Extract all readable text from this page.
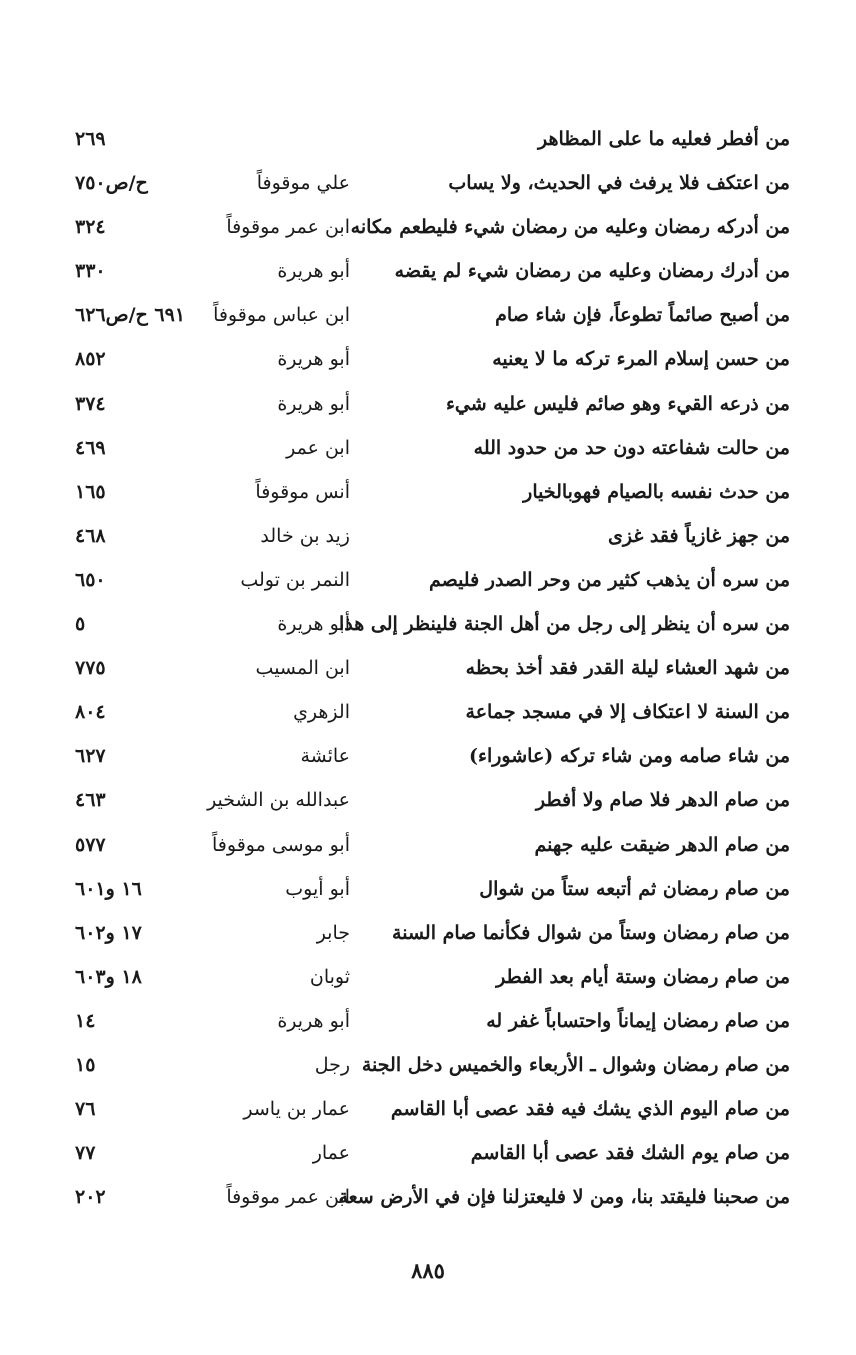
من أفطر فعليه ما على المظاهر
٢٦٩
من اعتكف فلا يرفث في الحديث، ولا يساب
علي موقوفاً
ح/ص٧٥٠
من أدركه رمضان وعليه من رمضان شيء فليطعم مكانه
ابن عمر موقوفاً
٣٢٤
من أدرك رمضان وعليه من رمضان شيء لم يقضه
أبو هريرة
٣٣٠
من أصبح صائماً تطوعاً، فإن شاء صام
ابن عباس موقوفاً
٦٩١ ح/ص٦٢٦
من حسن إسلام المرء تركه ما لا يعنيه
أبو هريرة
٨٥٢
من ذرعه القيء وهو صائم فليس عليه شيء
أبو هريرة
٣٧٤
من حالت شفاعته دون حد من حدود الله
ابن عمر
٤٦٩
من حدث نفسه بالصيام فهوبالخيار
أنس موقوفاً
١٦٥
من جهز غازياً فقد غزى
زيد بن خالد
٤٦٨
من سره أن يذهب كثير من وحر الصدر فليصم
النمر بن تولب
٦٥٠
من سره أن ينظر إلى رجل من أهل الجنة فلينظر إلى هذا
أبو هريرة
٥
من شهد العشاء ليلة القدر فقد أخذ بحظه
ابن المسيب
٧٧٥
من السنة لا اعتكاف إلا في مسجد جماعة
الزهري
٨٠٤
من شاء صامه ومن شاء تركه (عاشوراء)
عائشة
٦٢٧
من صام الدهر فلا صام ولا أفطر
عبدالله بن الشخير
٤٦٣
من صام الدهر ضيقت عليه جهنم
أبو موسى موقوفاً
٥٧٧
من صام رمضان ثم أتبعه ستاً من شوال
أبو أيوب
١٦ و٦٠١
من صام رمضان وستاً من شوال فكأنما صام السنة
جابر
١٧ و٦٠٢
من صام رمضان وستة أيام بعد الفطر
ثوبان
١٨ و٦٠٣
من صام رمضان إيماناً واحتساباً غفر له
أبو هريرة
١٤
من صام رمضان وشوال ـ الأربعاء والخميس دخل الجنة
رجل
١٥
من صام اليوم الذي يشك فيه فقد عصى أبا القاسم
عمار بن ياسر
٧٦
من صام يوم الشك فقد عصى أبا القاسم
عمار
٧٧
من صحبنا فليقتد بنا، ومن لا فليعتزلنا فإن في الأرض سعة
ابن عمر موقوفاً
٢٠٢
٨٨٥
